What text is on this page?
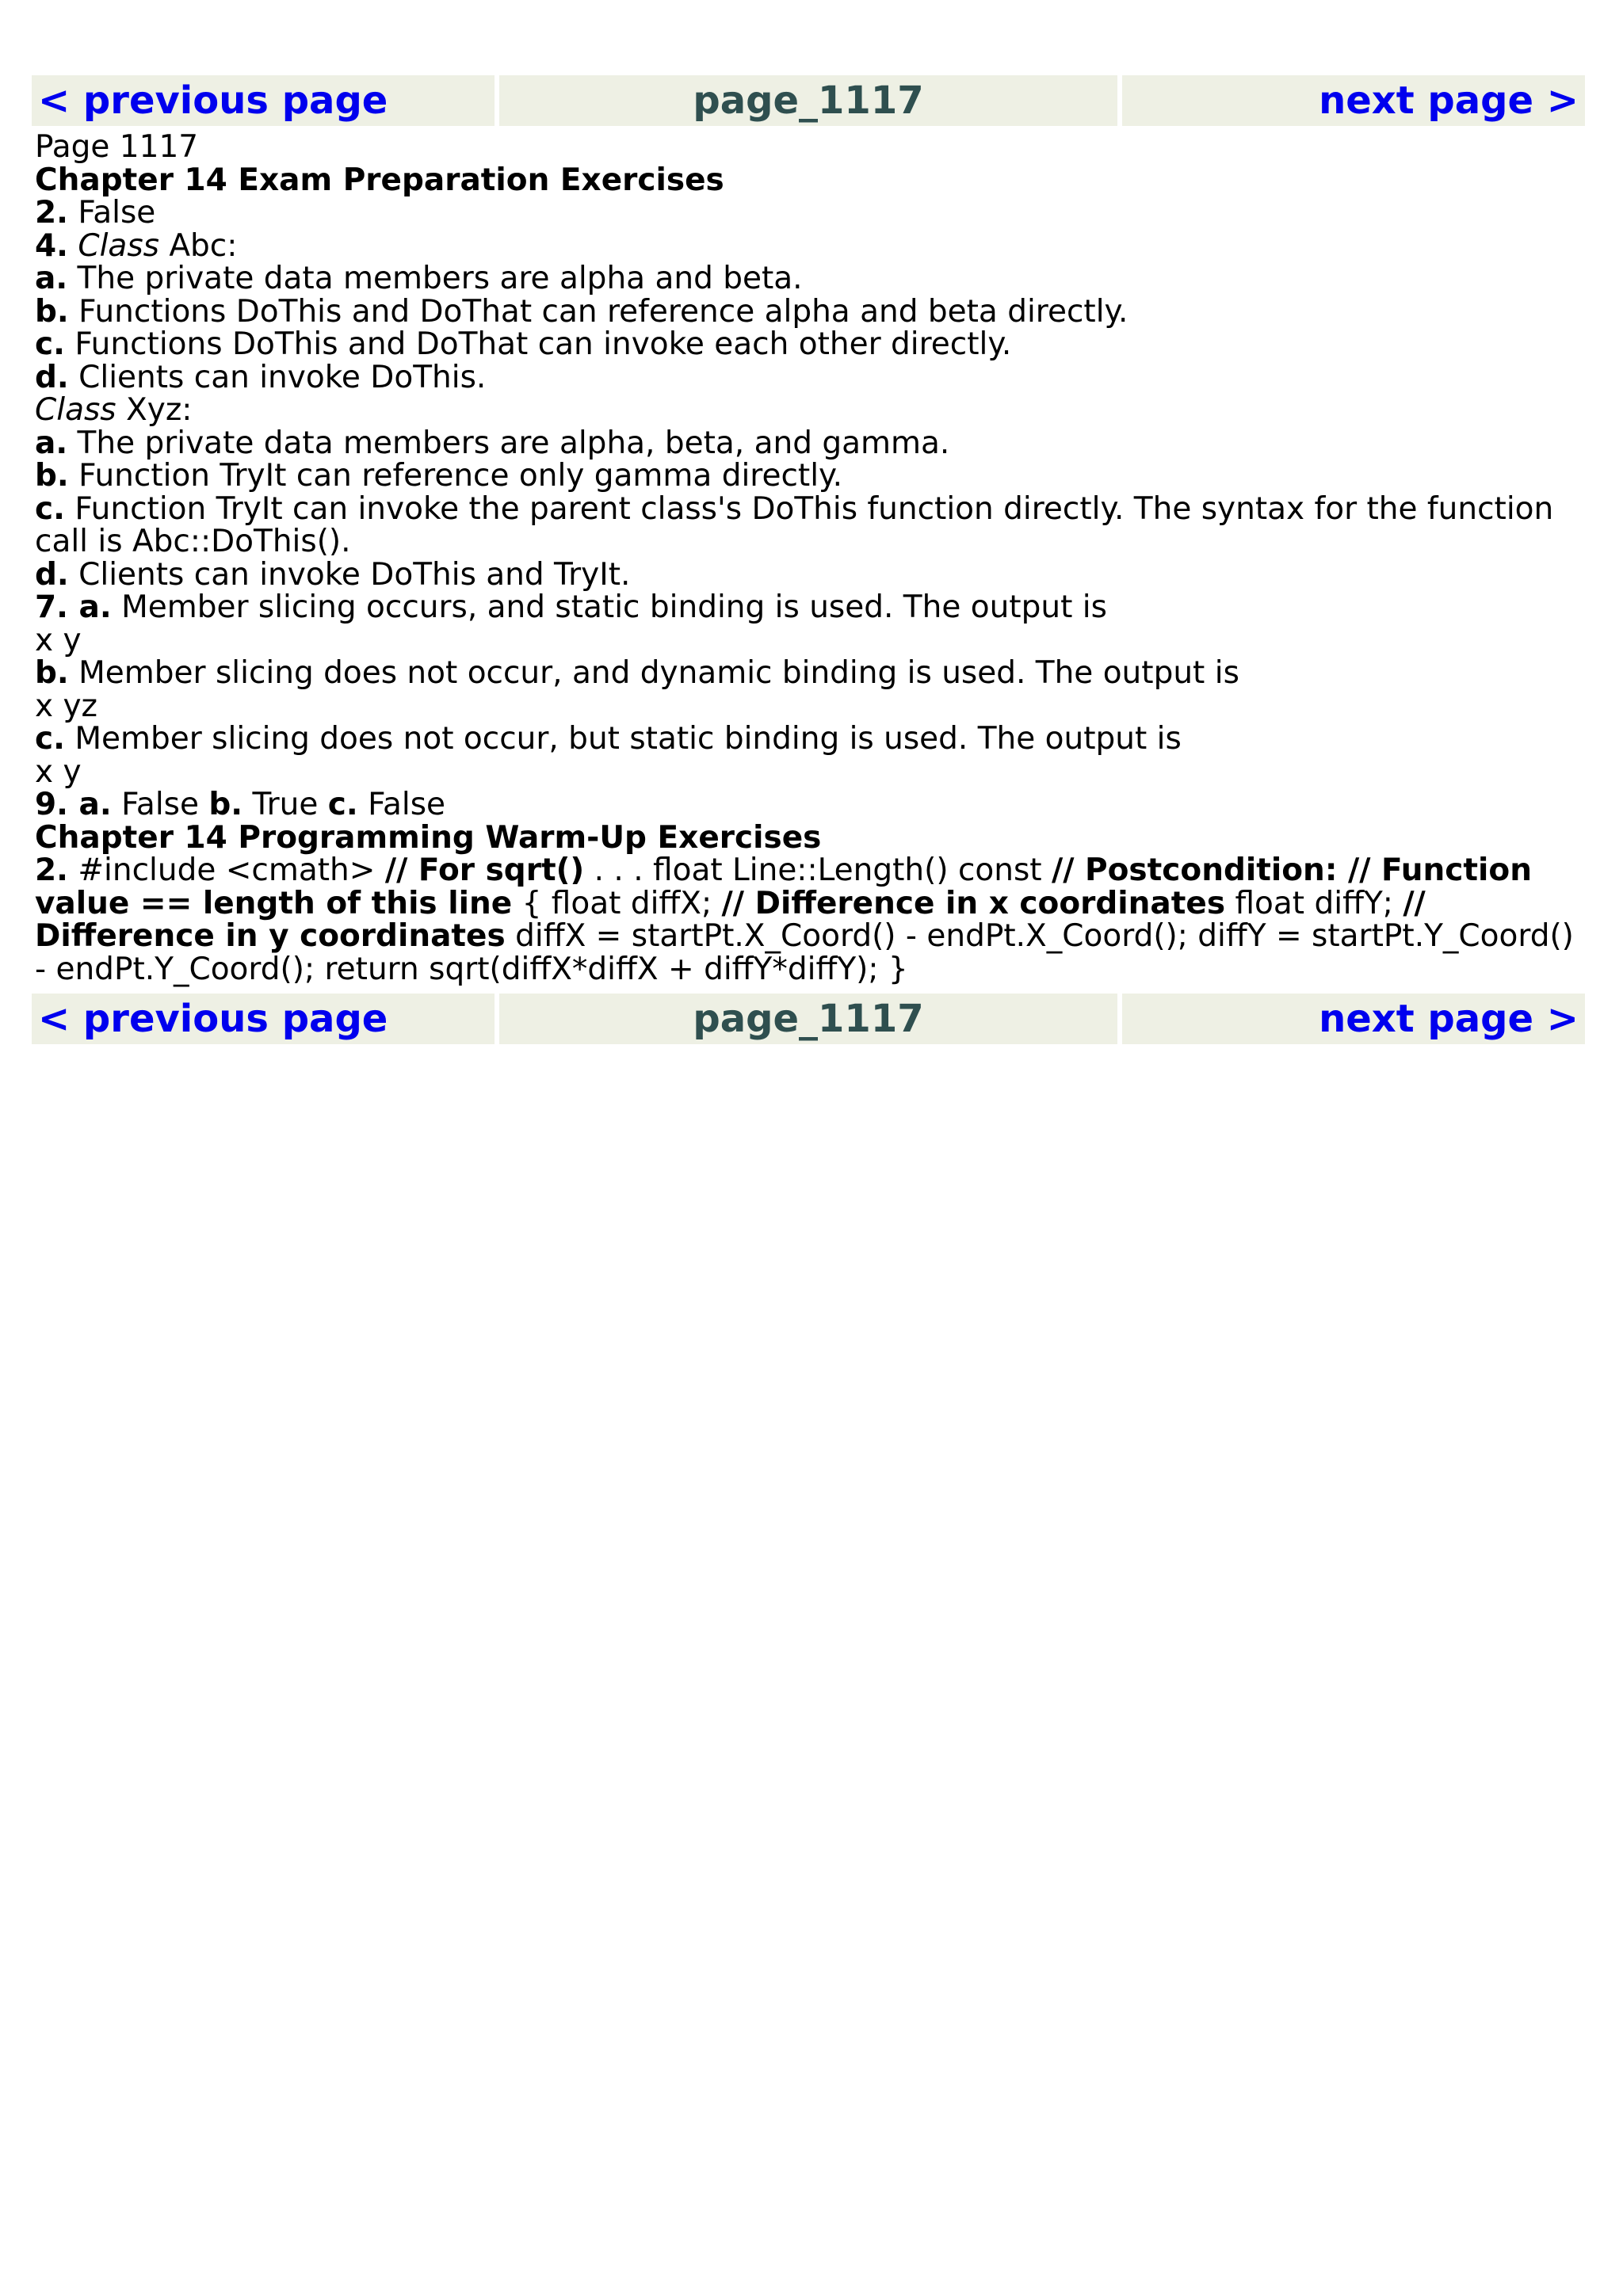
< previous page	page_1117	next page >

Page 1117

Chapter 14 Exam Preparation Exercises

2. False

4. Class Abc:

a. The private data members are alpha and beta.

b. Functions DoThis and DoThat can reference alpha and beta directly.

c. Functions DoThis and DoThat can invoke each other directly.

d. Clients can invoke DoThis.

Class Xyz:

a. The private data members are alpha, beta, and gamma.

b. Function TryIt can reference only gamma directly.

c. Function TryIt can invoke the parent class's DoThis function directly. The syntax for the function call is Abc::DoThis().

d. Clients can invoke DoThis and TryIt.

7. a. Member slicing occurs, and static binding is used. The output is

x y

b. Member slicing does not occur, and dynamic binding is used. The output is

x yz

c. Member slicing does not occur, but static binding is used. The output is

x y

9. a. False b. True c. False

Chapter 14 Programming Warm-Up Exercises

2. #include <cmath> // For sqrt() . . . float Line::Length() const // Postcondition: // Function value == length of this line { float diffX; // Difference in x coordinates float diffY; // Difference in y coordinates diffX = startPt.X_Coord() - endPt.X_Coord(); diffY = startPt.Y_Coord() - endPt.Y_Coord(); return sqrt(diffX*diffX + diffY*diffY); }

< previous page	page_1117	next page >
